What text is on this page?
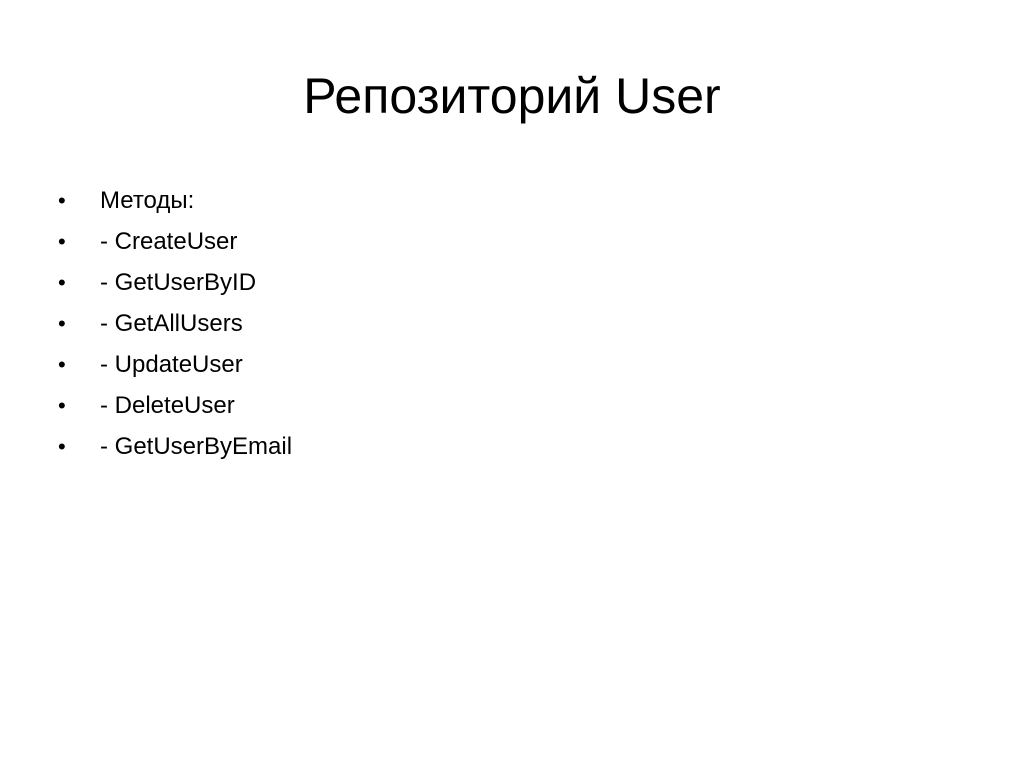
Репозиторий User
•	Методы:
•	- CreateUser
•	- GetUserByID
•	- GetAllUsers
•	- UpdateUser
•	- DeleteUser
•	- GetUserByEmail
